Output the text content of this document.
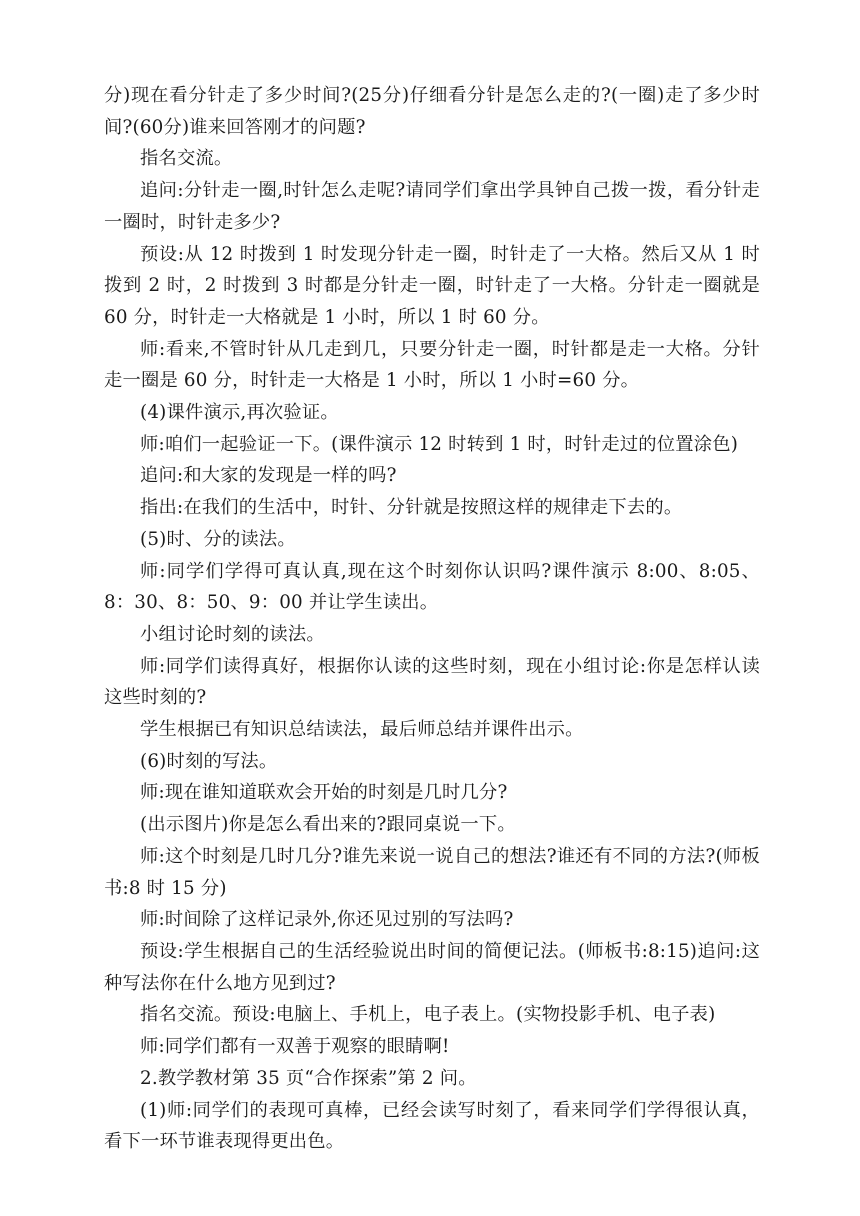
分)现在看分针走了多少时间?(25分)仔细看分针是怎么走的?(一圈)走了多少时间?(60分)谁来回答刚才的问题?

指名交流。

追问:分针走一圈,时针怎么走呢?请同学们拿出学具钟自己拨一拨，看分针走一圈时，时针走多少?

预设:从 12 时拨到 1 时发现分针走一圈，时针走了一大格。然后又从 1 时拨到 2 时，2 时拨到 3 时都是分针走一圈，时针走了一大格。分针走一圈就是 60 分，时针走一大格就是 1 小时，所以 1 时 60 分。

师:看来,不管时针从几走到几，只要分针走一圈，时针都是走一大格。分针走一圈是 60 分，时针走一大格是 1 小时，所以 1 小时=60 分。

(4)课件演示,再次验证。

师:咱们一起验证一下。(课件演示 12 时转到 1 时，时针走过的位置涂色)

追问:和大家的发现是一样的吗?

指出:在我们的生活中，时针、分针就是按照这样的规律走下去的。

(5)时、分的读法。

师:同学们学得可真认真,现在这个时刻你认识吗?课件演示 8:00、8:05、8：30、8：50、9：00 并让学生读出。

小组讨论时刻的读法。

师:同学们读得真好，根据你认读的这些时刻，现在小组讨论:你是怎样认读这些时刻的?

学生根据已有知识总结读法，最后师总结并课件出示。

(6)时刻的写法。

师:现在谁知道联欢会开始的时刻是几时几分?

(出示图片)你是怎么看出来的?跟同桌说一下。

师:这个时刻是几时几分?谁先来说一说自己的想法?谁还有不同的方法?(师板书:8 时 15 分)

师:时间除了这样记录外,你还见过别的写法吗?

预设:学生根据自己的生活经验说出时间的简便记法。(师板书:8:15)追问:这种写法你在什么地方见到过?

指名交流。预设:电脑上、手机上，电子表上。(实物投影手机、电子表)

师:同学们都有一双善于观察的眼睛啊!

2.教学教材第 35 页“合作探索”第 2 问。

(1)师:同学们的表现可真棒，已经会读写时刻了，看来同学们学得很认真，看下一环节谁表现得更出色。
